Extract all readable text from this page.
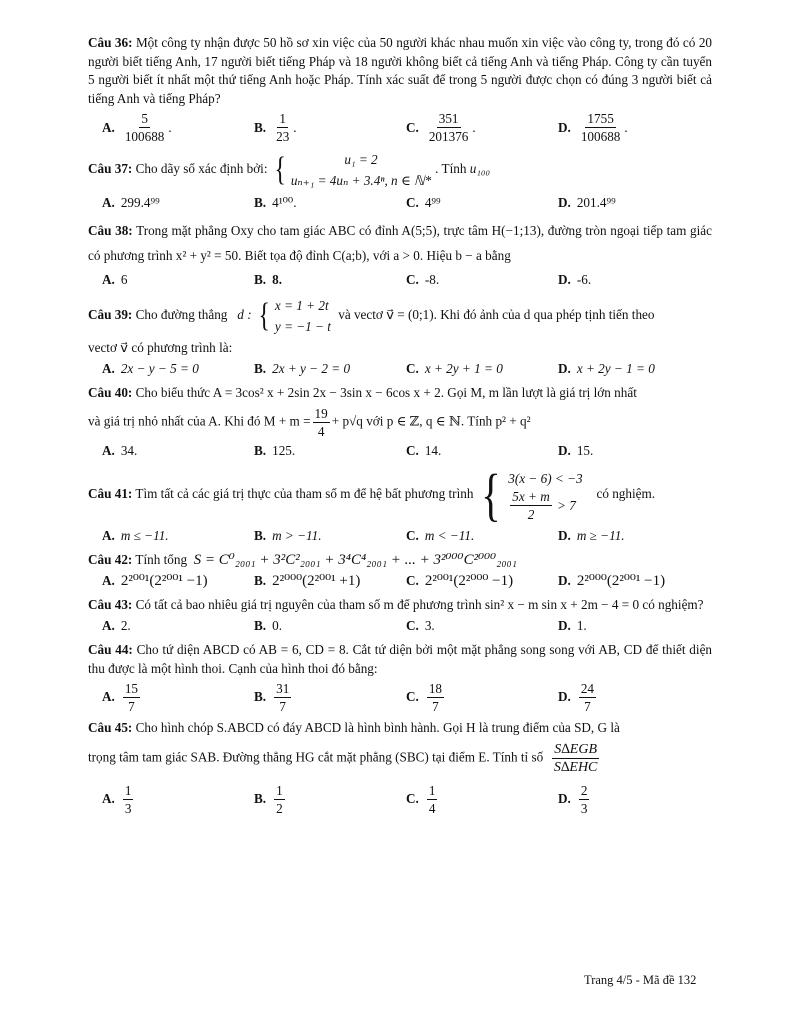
Câu 36: Một công ty nhận được 50 hồ sơ xin việc của 50 người khác nhau muốn xin việc vào công ty, trong đó có 20 người biết tiếng Anh, 17 người biết tiếng Pháp và 18 người không biết cả tiếng Anh và tiếng Pháp. Công ty cần tuyển 5 người biết ít nhất một thứ tiếng Anh hoặc Pháp. Tính xác suất để trong 5 người được chọn có đúng 3 người biết cả tiếng Anh và tiếng Pháp?

A. $\frac{5}{100688}$ .	B. $\frac{1}{23}$ .	C. $\frac{351}{201376}$ .	D. $\frac{1755}{100688}$ .

Câu 37: Cho dãy số xác định bởi: {	u₁ = 2
uₙ₊₁ = 4uₙ + 3.4ⁿ, n ∈ ℕ*
. Tính u₁₀₀

A. 299.4⁹⁹	B. 4¹⁰⁰.	C. 4⁹⁹	D. 201.4⁹⁹

Câu 38: Trong mặt phẳng Oxy cho tam giác ABC có đỉnh A(5;5), trực tâm H(−1;13), đường tròn ngoại tiếp tam giác có phương trình x² + y² = 50. Biết tọa độ đỉnh C(a;b), với a > 0. Hiệu b − a bằng

A. 6	B. 8.	C. -8.	D. -6.

Câu 39: Cho đường thẳng d : { x = 1 + 2t
y = −1 − t
và vectơ v⃗ = (0;1). Khi đó ảnh của d qua phép tịnh tiến theo

vectơ v⃗ có phương trình là:

A. 2x − y − 5 = 0	B. 2x + y − 2 = 0	C. x + 2y + 1 = 0	D. x + 2y − 1 = 0

Câu 40: Cho biểu thức A = 3cos² x + 2sin 2x − 3sin x − 6cos x + 2. Gọi M, m lần lượt là giá trị lớn nhất

và giá trị nhỏ nhất của A. Khi đó $M + m = \frac{19}{4} + p√q$ với p ∈ ℤ, q ∈ ℕ. Tính p² + q²

A. 34.	B. 125.	C. 14.	D. 15.

Câu 41: Tìm tất cả các giá trị thực của tham số m để hệ bất phương trình { 3(x − 6) < −3
$\frac{5x + m}{2}$
> 7
có nghiệm.

A. m ≤ −11.	B. m > −11.	C. m < −11.	D. m ≥ −11.

Câu 42: Tính tổng S = C⁰₂₀₀₁ + 3²C²₂₀₀₁ + 3⁴C⁴₂₀₀₁ + ... + 3²⁰⁰⁰C²⁰⁰⁰₂₀₀₁

A. 2²⁰⁰¹(2²⁰⁰¹ −1)	B. 2²⁰⁰⁰(2²⁰⁰¹ +1)	C. 2²⁰⁰¹(2²⁰⁰⁰ −1)	D. 2²⁰⁰⁰(2²⁰⁰¹ −1)

Câu 43: Có tất cả bao nhiêu giá trị nguyên của tham số m để phương trình sin² x − m sin x + 2m − 4 = 0 có nghiệm?

A. 2.	B. 0.	C. 3.	D. 1.

Câu 44: Cho tứ diện ABCD có AB = 6, CD = 8. Cắt tứ diện bởi một mặt phẳng song song với AB, CD để thiết diện thu được là một hình thoi. Cạnh của hình thoi đó bằng:

A. $\frac{15}{7}$	B. $\frac{31}{7}$	C. $\frac{18}{7}$	D. $\frac{24}{7}$

Câu 45: Cho hình chóp S.ABCD có đáy ABCD là hình bình hành. Gọi H là trung điểm của SD, G là

trọng tâm tam giác SAB. Đường thẳng HG cắt mặt phẳng (SBC) tại điểm E. Tính tỉ số $\frac{\text{S∆EGB}}{\text{S∆EHC}}$

A. $\frac{1}{3}$	B. $\frac{1}{2}$	C. $\frac{1}{4}$	D. $\frac{2}{3}$
Trang 4/5 - Mã đề 132
